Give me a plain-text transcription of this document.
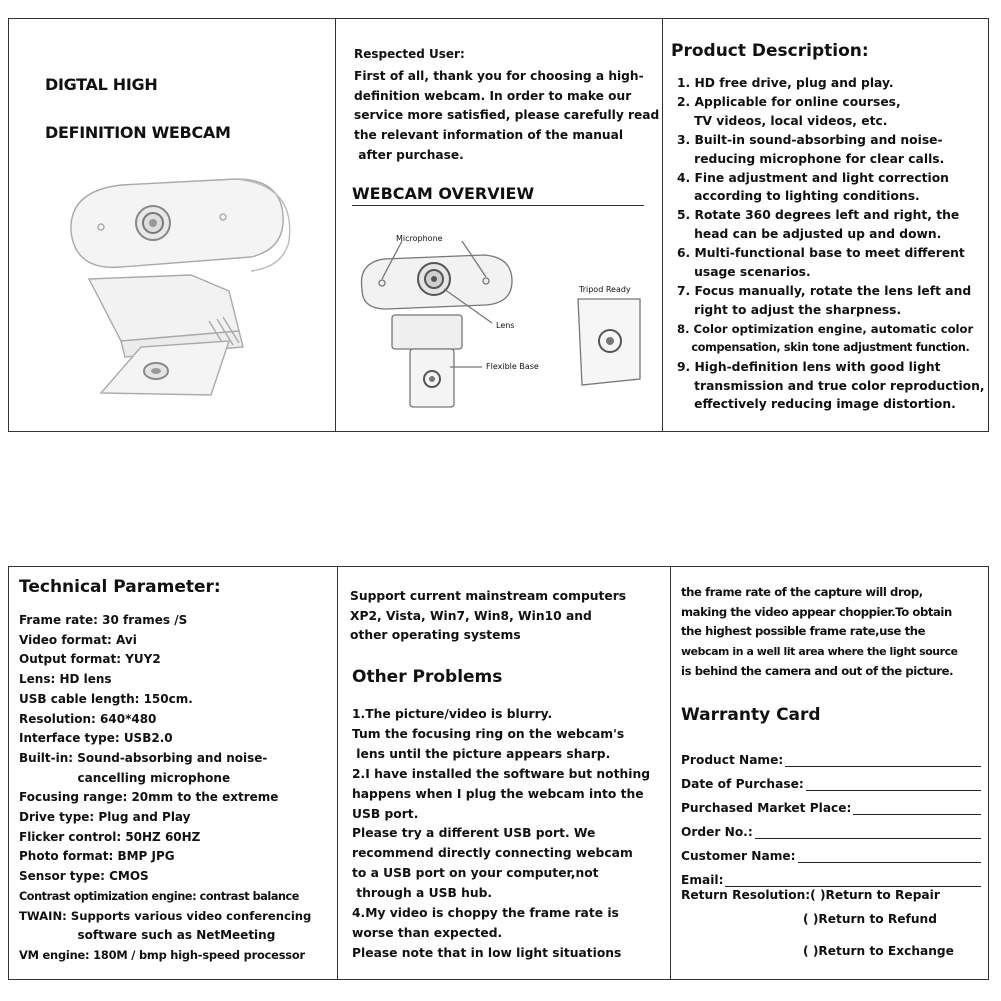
DIGTAL HIGH
DEFINITION WEBCAM
Respected User:
First of all, thank you for choosing a high-
definition webcam. In order to make our
service more satisfied, please carefully read
the relevant information of the manual
after purchase.
WEBCAM OVERVIEW
Microphone
Lens
Flexible Base
Tripod Ready
Product Description:
1. HD free drive, plug and play.
2. Applicable for online courses,
TV videos, local videos, etc.
3. Built-in sound-absorbing and noise-
reducing microphone for clear calls.
4. Fine adjustment and light correction
according to lighting conditions.
5. Rotate 360 degrees left and right, the
head can be adjusted up and down.
6. Multi-functional base to meet different
usage scenarios.
7. Focus manually, rotate the lens left and
right to adjust the sharpness.
8. Color optimization engine, automatic color
compensation, skin tone adjustment function.
9. High-definition lens with good light
transmission and true color reproduction,
effectively reducing image distortion.
Technical Parameter:
Frame rate: 30 frames /S
Video format: Avi
Output format: YUY2
Lens: HD lens
USB cable length: 150cm.
Resolution: 640*480
Interface type: USB2.0
Built-in: Sound-absorbing and noise-
cancelling microphone
Focusing range: 20mm to the extreme
Drive type: Plug and Play
Flicker control: 50HZ 60HZ
Photo format: BMP JPG
Sensor type: CMOS
Contrast optimization engine: contrast balance
TWAIN: Supports various video conferencing
software such as NetMeeting
VM engine: 180M / bmp high-speed processor
Support current mainstream computers
XP2, Vista, Win7, Win8, Win10 and
other operating systems
Other Problems
1.The picture/video is blurry.
Tum the focusing ring on the webcam's
lens until the picture appears sharp.
2.I have installed the software but nothing
happens when I plug the webcam into the
USB port.
Please try a different USB port. We
recommend directly connecting webcam
to a USB port on your computer,not
through a USB hub.
4.My video is choppy the frame rate is
worse than expected.
Please note that in low light situations
the frame rate of the capture will drop,
making the video appear choppier.To obtain
the highest possible frame rate,use the
webcam in a well lit area where the light source
is behind the camera and out of the picture.
Warranty Card
Product Name:
Date of Purchase:
Purchased Market Place:
Order No.:
Customer Name:
Email:
Return Resolution:( )Return to Repair
( )Return to Refund
( )Return to Exchange
